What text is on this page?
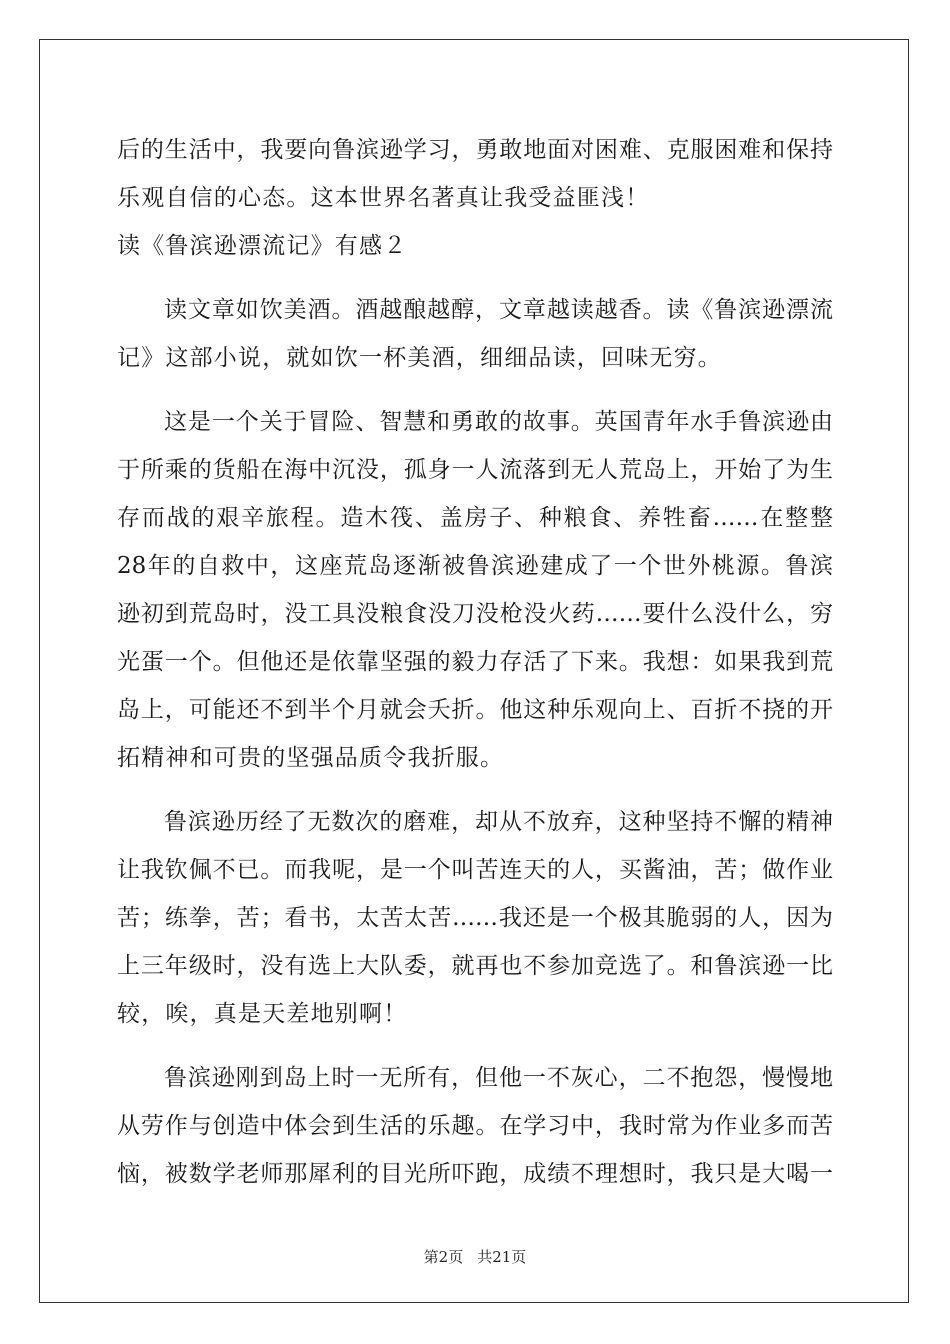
后的生活中，我要向鲁滨逊学习，勇敢地面对困难、克服困难和保持
乐观自信的心态。这本世界名著真让我受益匪浅！
读《鲁滨逊漂流记》有感２
读文章如饮美酒。酒越酿越醇，文章越读越香。读《鲁滨逊漂流
记》这部小说，就如饮一杯美酒，细细品读，回味无穷。
这是一个关于冒险、智慧和勇敢的故事。英国青年水手鲁滨逊由
于所乘的货船在海中沉没，孤身一人流落到无人荒岛上，开始了为生
存而战的艰辛旅程。造木筏、盖房子、种粮食、养牲畜……在整整
28年的自救中，这座荒岛逐渐被鲁滨逊建成了一个世外桃源。鲁滨
逊初到荒岛时，没工具没粮食没刀没枪没火药……要什么没什么，穷
光蛋一个。但他还是依靠坚强的毅力存活了下来。我想：如果我到荒
岛上，可能还不到半个月就会夭折。他这种乐观向上、百折不挠的开
拓精神和可贵的坚强品质令我折服。
鲁滨逊历经了无数次的磨难，却从不放弃，这种坚持不懈的精神
让我钦佩不已。而我呢，是一个叫苦连天的人，买酱油，苦；做作业
苦；练拳，苦；看书，太苦太苦……我还是一个极其脆弱的人，因为
上三年级时，没有选上大队委，就再也不参加竞选了。和鲁滨逊一比
较，唉，真是天差地别啊！
鲁滨逊刚到岛上时一无所有，但他一不灰心，二不抱怨，慢慢地
从劳作与创造中体会到生活的乐趣。在学习中，我时常为作业多而苦
恼，被数学老师那犀利的目光所吓跑，成绩不理想时，我只是大喝一
第2页 共21页
